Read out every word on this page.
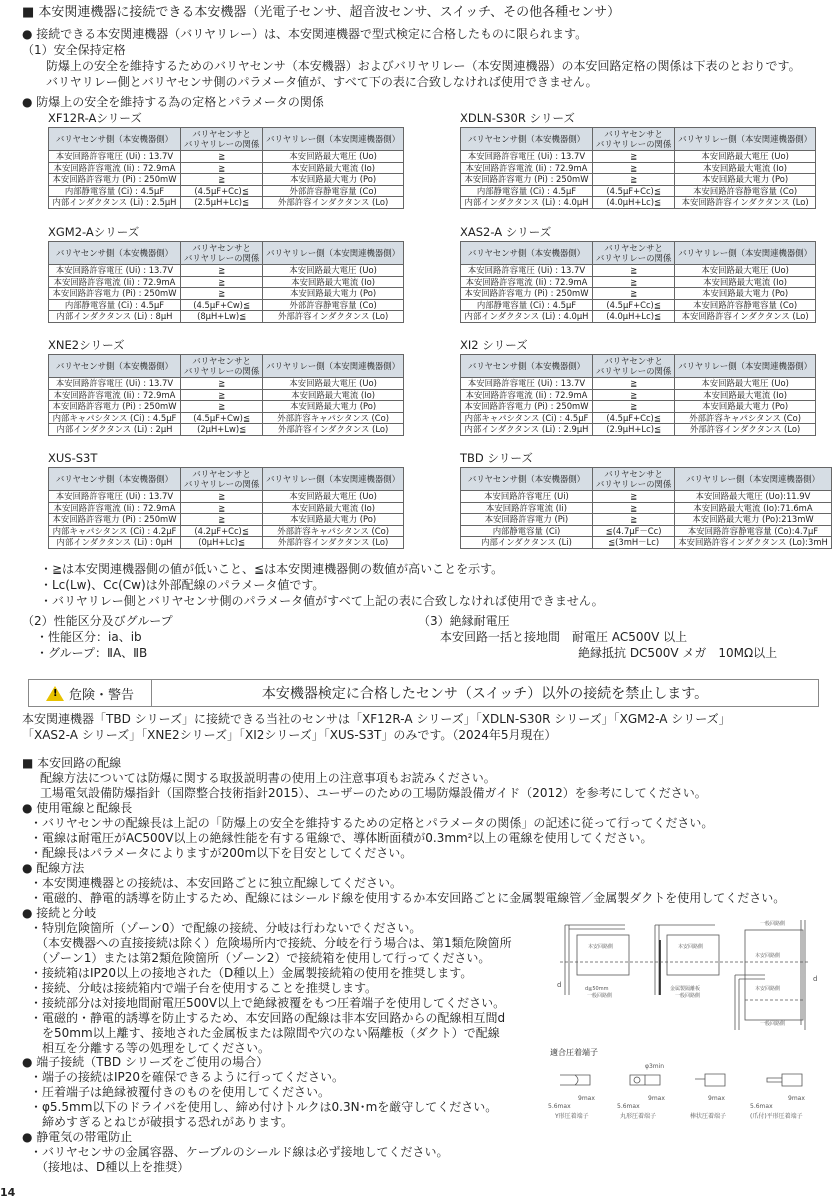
■ 本安関連機器に接続できる本安機器（光電子センサ、超音波センサ、スイッチ、その他各種センサ）
● 接続できる本安関連機器（バリヤリレー）は、本安関連機器で型式検定に合格したものに限られます。
（1）安全保持定格
防爆上の安全を維持するためのバリヤセンサ（本安機器）およびバリヤリレー（本安関連機器）の本安回路定格の関係は下表のとおりです。
バリヤリレー側とバリヤセンサ側のパラメータ値が、すべて下の表に合致しなければ使用できません。
● 防爆上の安全を維持する為の定格とパラメータの関係
XF12R-Aシリーズ
バリヤセンサ側（本安機器側）	バリヤセンサと
バリヤリレーの関係	バリヤリレー側（本安関連機器側）
本安回路許容電圧 (Ui) : 13.7V	≧	本安回路最大電圧 (Uo)
本安回路許容電流 (Ii) : 72.9mA	≧	本安回路最大電流 (Io)
本安回路許容電力 (Pi) : 250mW	≧	本安回路最大電力 (Po)
内部静電容量 (Ci) : 4.5μF	(4.5μF+Cc)≦	外部許容静電容量 (Co)
内部インダクタンス (Li) : 2.5μH	(2.5μH+Lc)≦	外部許容インダクタンス (Lo)
XDLN-S30R シリーズ
バリヤセンサ側（本安機器側）	バリヤセンサと
バリヤリレーの関係	バリヤリレー側（本安関連機器側）
本安回路許容電圧 (Ui) : 13.7V	≧	本安回路最大電圧 (Uo)
本安回路許容電流 (Ii) : 72.9mA	≧	本安回路最大電流 (Io)
本安回路許容電力 (Pi) : 250mW	≧	本安回路最大電力 (Po)
内部静電容量 (Ci) : 4.5μF	(4.5μF+Cc)≦	本安回路許容静電容量 (Co)
内部インダクタンス (Li) : 4.0μH	(4.0μH+Lc)≦	本安回路許容インダクタンス (Lo)
XGM2-Aシリーズ
バリヤセンサ側（本安機器側）	バリヤセンサと
バリヤリレーの関係	バリヤリレー側（本安関連機器側）
本安回路許容電圧 (Ui) : 13.7V	≧	本安回路最大電圧 (Uo)
本安回路許容電流 (Ii) : 72.9mA	≧	本安回路最大電流 (Io)
本安回路許容電力 (Pi) : 250mW	≧	本安回路最大電力 (Po)
内部静電容量 (Ci) : 4.5μF	(4.5μF+Cw)≦	外部許容静電容量 (Co)
内部インダクタンス (Li) : 8μH	(8μH+Lw)≦	外部許容インダクタンス (Lo)
XAS2-A シリーズ
バリヤセンサ側（本安機器側）	バリヤセンサと
バリヤリレーの関係	バリヤリレー側（本安関連機器側）
本安回路許容電圧 (Ui) : 13.7V	≧	本安回路最大電圧 (Uo)
本安回路許容電流 (Ii) : 72.9mA	≧	本安回路最大電流 (Io)
本安回路許容電力 (Pi) : 250mW	≧	本安回路最大電力 (Po)
内部静電容量 (Ci) : 4.5μF	(4.5μF+Cc)≦	本安回路許容静電容量 (Co)
内部インダクタンス (Li) : 4.0μH	(4.0μH+Lc)≦	本安回路許容インダクタンス (Lo)
XNE2シリーズ
バリヤセンサ側（本安機器側）	バリヤセンサと
バリヤリレーの関係	バリヤリレー側（本安関連機器側）
本安回路許容電圧 (Ui) : 13.7V	≧	本安回路最大電圧 (Uo)
本安回路許容電流 (Ii) : 72.9mA	≧	本安回路最大電流 (Io)
本安回路許容電力 (Pi) : 250mW	≧	本安回路最大電力 (Po)
内部キャパシタンス (Ci) : 4.5μF	(4.5μF+Cw)≦	外部許容キャパシタンス (Co)
内部インダクタンス (Li) : 2μH	(2μH+Lw)≦	外部許容インダクタンス (Lo)
XI2 シリーズ
バリヤセンサ側（本安機器側）	バリヤセンサと
バリヤリレーの関係	バリヤリレー側（本安関連機器側）
本安回路許容電圧 (Ui) : 13.7V	≧	本安回路最大電圧 (Uo)
本安回路許容電流 (Ii) : 72.9mA	≧	本安回路最大電流 (Io)
本安回路許容電力 (Pi) : 250mW	≧	本安回路最大電力 (Po)
内部キャパシタンス (Ci) : 4.5μF	(4.5μF+Cc)≦	外部許容キャパシタンス (Co)
内部インダクタンス (Li) : 2.9μH	(2.9μH+Lc)≦	外部許容インダクタンス (Lo)
XUS-S3T
バリヤセンサ側（本安機器側）	バリヤセンサと
バリヤリレーの関係	バリヤリレー側（本安関連機器側）
本安回路許容電圧 (Ui) : 13.7V	≧	本安回路最大電圧 (Uo)
本安回路許容電流 (Ii) : 72.9mA	≧	本安回路最大電流 (Io)
本安回路許容電力 (Pi) : 250mW	≧	本安回路最大電力 (Po)
内部キャパシタンス (Ci) : 4.2μF	(4.2μF+Cc)≦	外部許容キャパシタンス (Co)
内部インダクタンス (Li) : 0μH	(0μH+Lc)≦	外部許容インダクタンス (Lo)
TBD シリーズ
バリヤセンサ側（本安機器側）	バリヤセンサと
バリヤリレーの関係	バリヤリレー側（本安関連機器側）
本安回路許容電圧 (Ui)	≧	本安回路最大電圧 (Uo):11.9V
本安回路許容電流 (Ii)	≧	本安回路最大電流 (Io):71.6mA
本安回路許容電力 (Pi)	≧	本安回路最大電力 (Po):213mW
内部静電容量 (Ci)	≦(4.7μF－Cc)	本安回路許容静電容量 (Co):4.7μF
内部インダクタンス (Li)	≦(3mH－Lc)	本安回路許容インダクタンス (Lo):3mH
・≧は本安関連機器側の値が低いこと、≦は本安関連機器側の数値が高いことを示す。
・Lc(Lw)、Cc(Cw)は外部配線のパラメータ値です。
・バリヤリレー側とバリヤセンサ側のパラメータ値がすべて上記の表に合致しなければ使用できません。
（2）性能区分及びグループ
・性能区分：ia、ib
・グループ：ⅡA、ⅡB
（3）絶縁耐電圧
本安回路一括と接地間　耐電圧 AC500V 以上
絶縁抵抗 DC500V メガ　10MΩ以上
! 危険・警告	本安機器検定に合格したセンサ（スイッチ）以外の接続を禁止します。
本安関連機器「TBD シリーズ」に接続できる当社のセンサは「XF12R-A シリーズ」「XDLN-S30R シリーズ」「XGM2-A シリーズ」
「XAS2-A シリーズ」「XNE2シリーズ」「XI2シリーズ」「XUS-S3T」のみです。（2024年5月現在）
■ 本安回路の配線
配線方法については防爆に関する取扱説明書の使用上の注意事項もお読みください。
工場電気設備防爆指針（国際整合技術指針2015）、ユーザーのための工場防爆設備ガイド（2012）を参考にしてください。
● 使用電線と配線長
・バリヤセンサの配線長は上記の「防爆上の安全を維持するための定格とパラメータの関係」の記述に従って行ってください。
・電線は耐電圧がAC500V以上の絶縁性能を有する電線で、導体断面積が0.3mm²以上の電線を使用してください。
・配線長はパラメータによりますが200m以下を目安としてください。
● 配線方法
・本安関連機器との接続は、本安回路ごとに独立配線してください。
・電磁的、静電的誘導を防止するため、配線にはシールド線を使用するか本安回路ごとに金属製電線管／金属製ダクトを使用してください。
● 接続と分岐
・特別危険箇所（ゾーン0）で配線の接続、分岐は行わないでください。
　（本安機器への直接接続は除く）危険場所内で接続、分岐を行う場合は、第1類危険箇所
　（ゾーン1）または第2類危険箇所（ゾーン2）で接続箱を使用して行ってください。
・接続箱はIP20以上の接地された（D種以上）金属製接続箱の使用を推奨します。
・接続、分岐は接続箱内で端子台を使用することを推奨します。
・接続部分は対接地間耐電圧500V以上で絶縁被覆をもつ圧着端子を使用してください。
・電磁的・静電的誘導を防止するため、本安回路の配線は非本安回路からの配線相互間d
　を50mm以上離す、接地された金属板または隙間や穴のない隔離板（ダクト）で配線
　相互を分離する等の処理をしてください。
● 端子接続（TBD シリーズをご使用の場合）
・端子の接続はIP20を確保できるように行ってください。
・圧着端子は絶縁被覆付きのものを使用してください。
・φ5.5mm以下のドライバを使用し、締め付けトルクは0.3N･mを厳守してください。
　締めすぎるとねじが破損する恐れがあります。
● 静電気の帯電防止
・バリヤセンサの金属容器、ケーブルのシールド線は必ず接地してください。
　（接地は、D種以上を推奨）
本安回路側	本安回路側
一般回路側
本安回路側
本安回路側
一般回路側
d≧50mm
一般回路側
金属製隔離板
一般回路側
d
d
適合圧着端子
φ3min
9max	9max	9max	9max
5.6max	5.6max	5.6max
Y形圧着端子	丸形圧着端子	棒状圧着端子	(爪付)平形圧着端子
14
